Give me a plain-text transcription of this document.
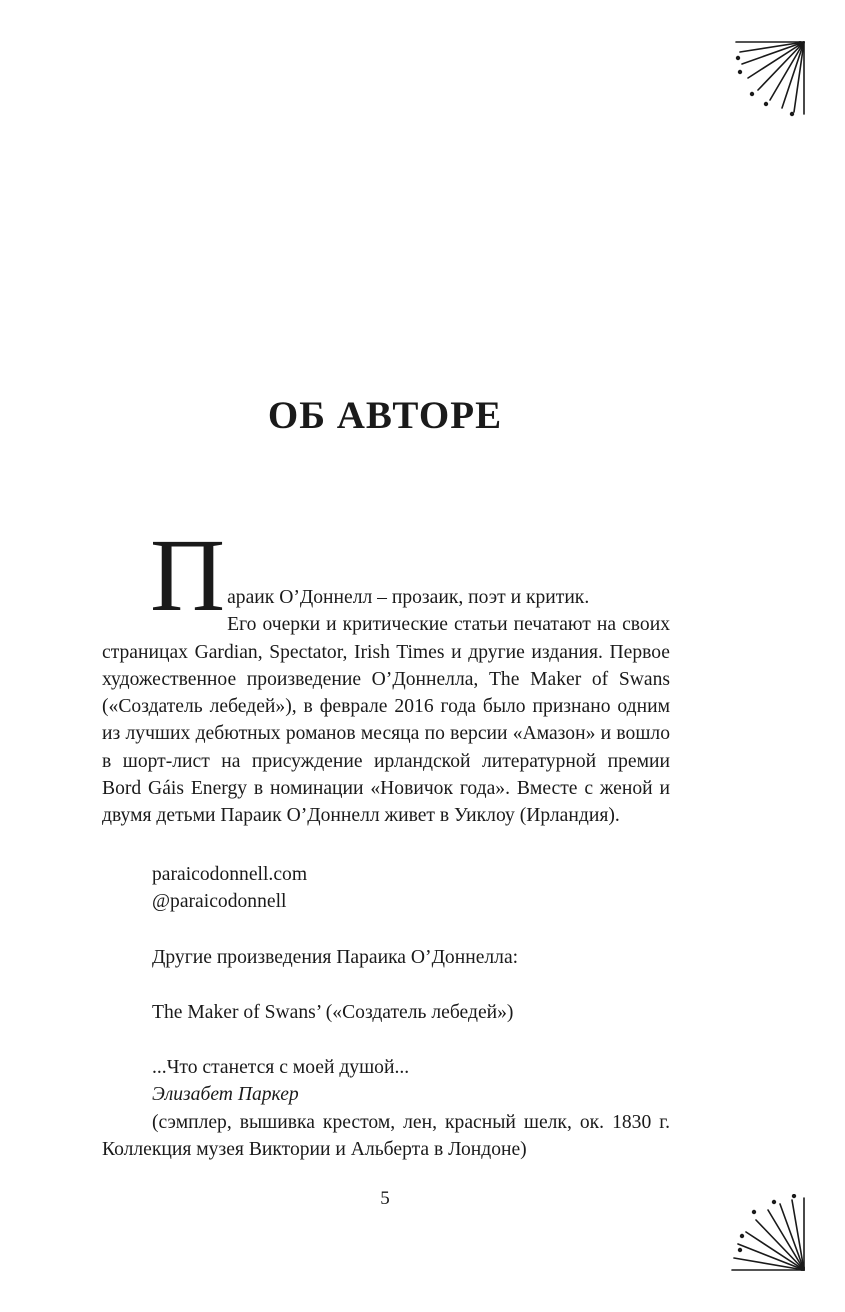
ОБ АВТОРЕ
П араик О’Доннелл – прозаик, поэт и критик.

Его очерки и критические статьи печатают на своих страницах Gardian, Spectator, Irish Times и другие издания. Первое художественное произведение О’Доннелла, The Maker of Swans («Создатель лебедей»), в феврале 2016 года было признано одним из лучших дебютных романов месяца по версии «Амазон» и вошло в шорт-лист на присуждение ирландской литературной премии Bord Gáis Energy в номинации «Новичок года». Вместе с женой и двумя детьми Параик О’Доннелл живет в Уиклоу (Ирландия).

paraicodonnell.com
@paraicodonnell
Другие произведения Параика О’Доннелла:
The Maker of Swans’ («Создатель лебедей»)
...Что станется с моей душой...
Элизабет Паркер

(сэмплер, вышивка крестом, лен, красный шелк, ок. 1830 г. Коллекция музея Виктории и Альберта в Лондоне)

5
